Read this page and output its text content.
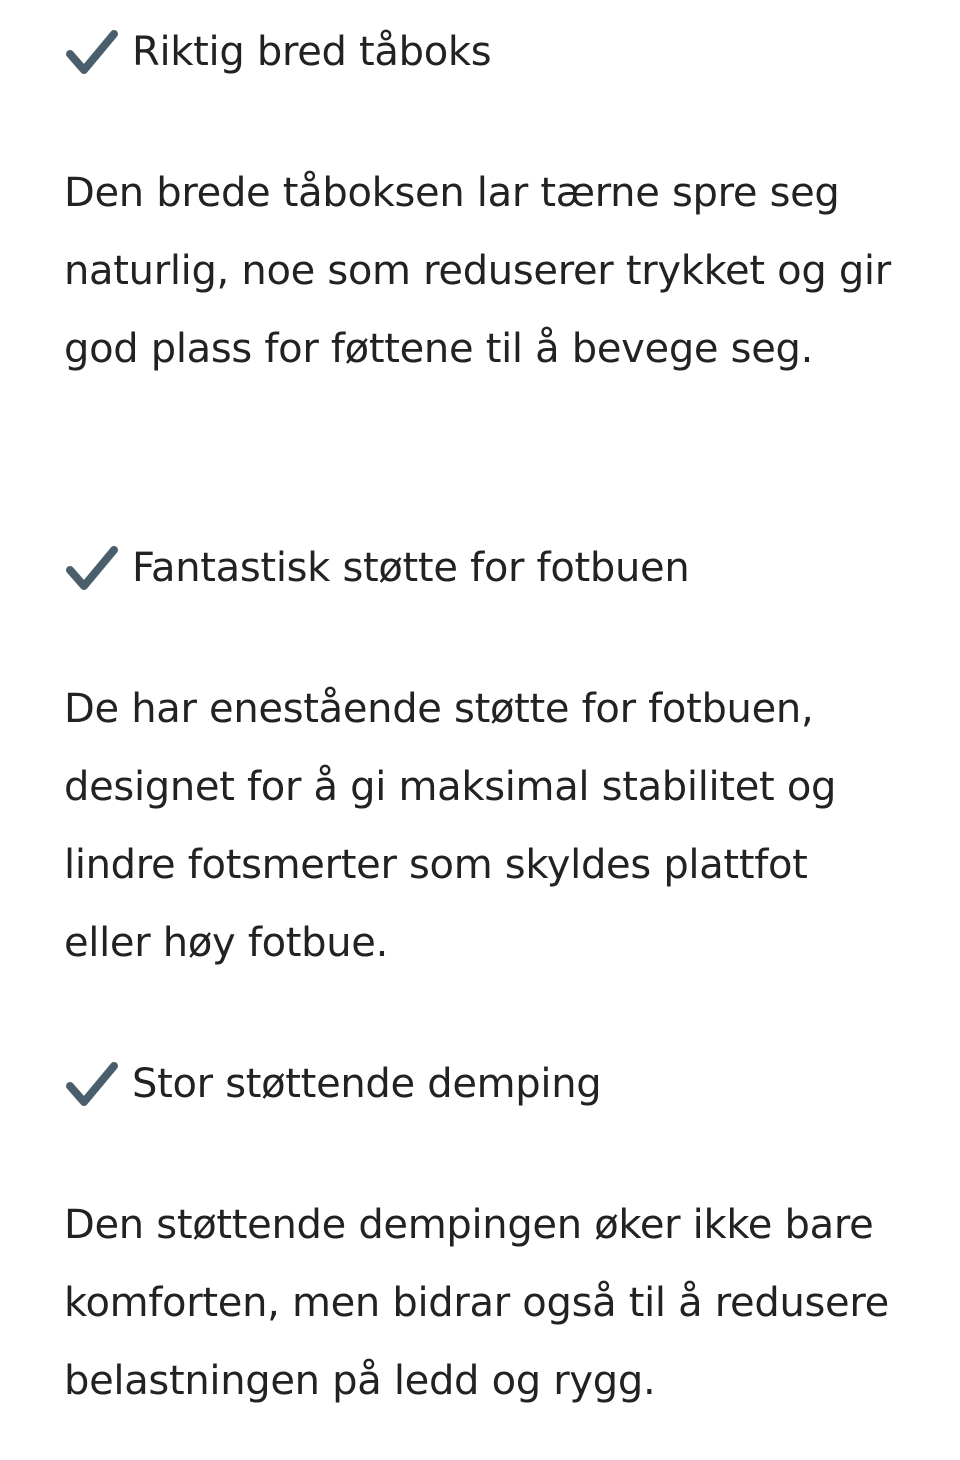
Riktig bred tåboks

Den brede tåboksen lar tærne spre seg naturlig, noe som reduserer trykket og gir god plass for føttene til å bevege seg.

Fantastisk støtte for fotbuen

De har enestående støtte for fotbuen, designet for å gi maksimal stabilitet og lindre fotsmerter som skyldes plattfot eller høy fotbue.

Stor støttende demping

Den støttende dempingen øker ikke bare komforten, men bidrar også til å redusere belastningen på ledd og rygg.
